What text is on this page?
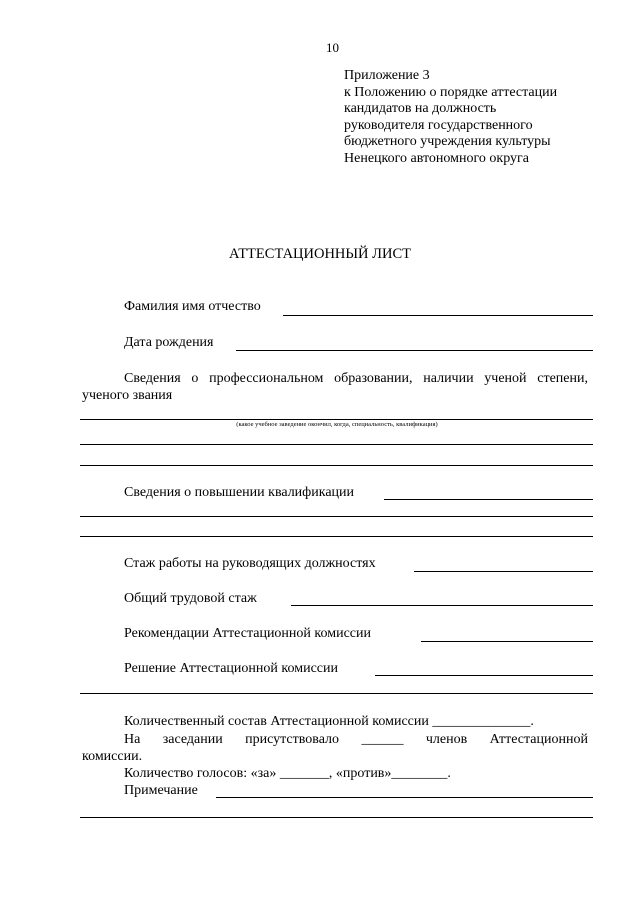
10
Приложение 3
к Положению о порядке аттестации
кандидатов на должность
руководителя государственного
бюджетного учреждения культуры
Ненецкого автономного округа
АТТЕСТАЦИОННЫЙ ЛИСТ
Фамилия имя отчество
Дата рождения
Сведения о профессиональном образовании, наличии ученой степени,
ученого звания
(какое учебное заведение окончил, когда, специальность, квалификация)
Сведения о повышении квалификации
Стаж работы на руководящих должностях
Общий трудовой стаж
Рекомендации Аттестационной комиссии
Решение Аттестационной комиссии
Количественный состав Аттестационной комиссии ______________.
На заседании присутствовало ______ членов Аттестационной
комиссии.
Количество голосов: «за» _______, «против»________.
Примечание
